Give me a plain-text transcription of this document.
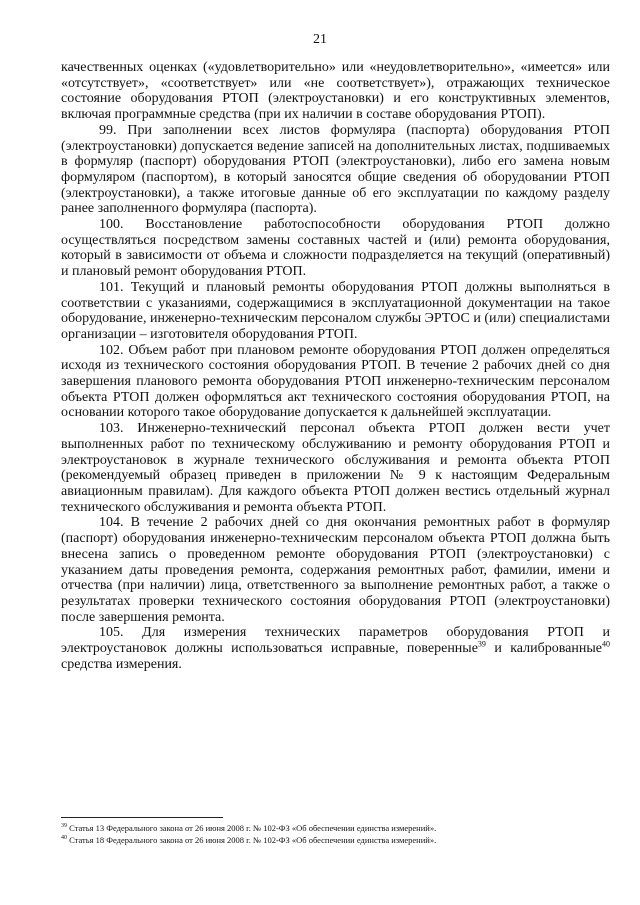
21

качественных оценках («удовлетворительно» или «неудовлетворительно», «имеется» или «отсутствует», «соответствует» или «не соответствует»), отражающих техническое состояние оборудования РТОП (электроустановки) и его конструктивных элементов, включая программные средства (при их наличии в составе оборудования РТОП).

99. При заполнении всех листов формуляра (паспорта) оборудования РТОП (электроустановки) допускается ведение записей на дополнительных листах, подшиваемых в формуляр (паспорт) оборудования РТОП (электроустановки), либо его замена новым формуляром (паспортом), в который заносятся общие сведения об оборудовании РТОП (электроустановки), а также итоговые данные об его эксплуатации по каждому разделу ранее заполненного формуляра (паспорта).

100. Восстановление работоспособности оборудования РТОП должно осуществляться посредством замены составных частей и (или) ремонта оборудования, который в зависимости от объема и сложности подразделяется на текущий (оперативный) и плановый ремонт оборудования РТОП.

101. Текущий и плановый ремонты оборудования РТОП должны выполняться в соответствии с указаниями, содержащимися в эксплуатационной документации на такое оборудование, инженерно-техническим персоналом службы ЭРТОС и (или) специалистами организации – изготовителя оборудования РТОП.

102. Объем работ при плановом ремонте оборудования РТОП должен определяться исходя из технического состояния оборудования РТОП. В течение 2 рабочих дней со дня завершения планового ремонта оборудования РТОП инженерно-техническим персоналом объекта РТОП должен оформляться акт технического состояния оборудования РТОП, на основании которого такое оборудование допускается к дальнейшей эксплуатации.

103. Инженерно-технический персонал объекта РТОП должен вести учет выполненных работ по техническому обслуживанию и ремонту оборудования РТОП и электроустановок в журнале технического обслуживания и ремонта объекта РТОП (рекомендуемый образец приведен в приложении № 9 к настоящим Федеральным авиационным правилам). Для каждого объекта РТОП должен вестись отдельный журнал технического обслуживания и ремонта объекта РТОП.

104. В течение 2 рабочих дней со дня окончания ремонтных работ в формуляр (паспорт) оборудования инженерно-техническим персоналом объекта РТОП должна быть внесена запись о проведенном ремонте оборудования РТОП (электроустановки) с указанием даты проведения ремонта, содержания ремонтных работ, фамилии, имени и отчества (при наличии) лица, ответственного за выполнение ремонтных работ, а также о результатах проверки технического состояния оборудования РТОП (электроустановки) после завершения ремонта.

105. Для измерения технических параметров оборудования РТОП и электроустановок должны использоваться исправные, поверенные$^{39}$ и калиброванные$^{40}$ средства измерения.

$^{39}$ Статья 13 Федерального закона от 26 июня 2008 г. № 102-ФЗ «Об обеспечении единства измерений».

$^{40}$ Статья 18 Федерального закона от 26 июня 2008 г. № 102-ФЗ «Об обеспечении единства измерений».
